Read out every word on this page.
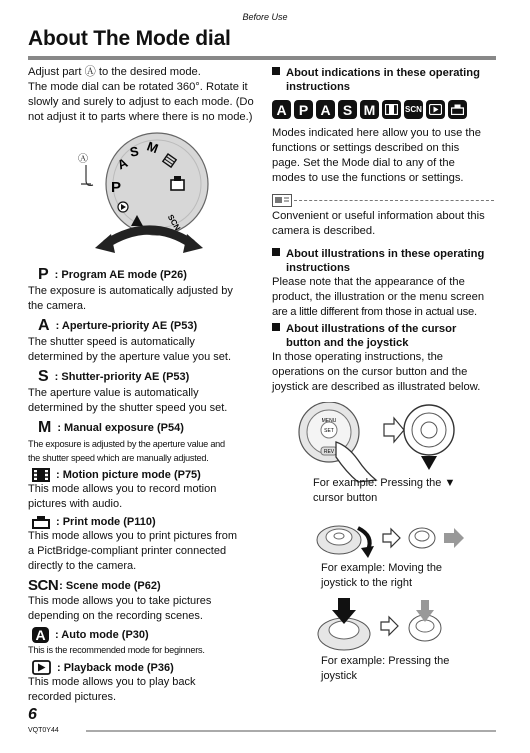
Before Use
About The Mode dial
Adjust part Ⓐ to the desired mode.
The mode dial can be rotated 360°. Rotate it
slowly and surely to adjust to each mode. (Do
not adjust it to parts where there is no mode.)
P
A
S M
SCN
Ⓐ
P : Program AE mode (P26)
The exposure is automatically adjusted by
the camera.
A : Aperture-priority AE (P53)
The shutter speed is automatically
determined by the aperture value you set.
S : Shutter-priority AE (P53)
The aperture value is automatically
determined by the shutter speed you set.
M : Manual exposure (P54)
The exposure is adjusted by the aperture value and
the shutter speed which are manually adjusted.
: Motion picture mode (P75)
This mode allows you to record motion
pictures with audio.
: Print mode (P110)
This mode allows you to print pictures from
a PictBridge-compliant printer connected
directly to the camera.
SCN : Scene mode (P62)
This mode allows you to take pictures
depending on the recording scenes.
A : Auto mode (P30)
This is the recommended mode for beginners.
: Playback mode (P36)
This mode allows you to play back
recorded pictures.
About indications in these operating
instructions
A P A S M	SCN
Modes indicated here allow you to use the
functions or settings described on this
page. Set the Mode dial to any of the
modes to use the functions or settings.
Convenient or useful information about this
camera is described.
About illustrations in these operating
instructions
Please note that the appearance of the
product, the illustration or the menu screen
are a little different from those in actual use.
About illustrations of the cursor
button and the joystick
In those operating instructions, the
operations on the cursor button and the
joystick are described as illustrated below.
MENU
SET
REV
For example: Pressing the ▼
cursor button
For example: Moving the
joystick to the right
For example: Pressing the
joystick
6
VQT0Y44
